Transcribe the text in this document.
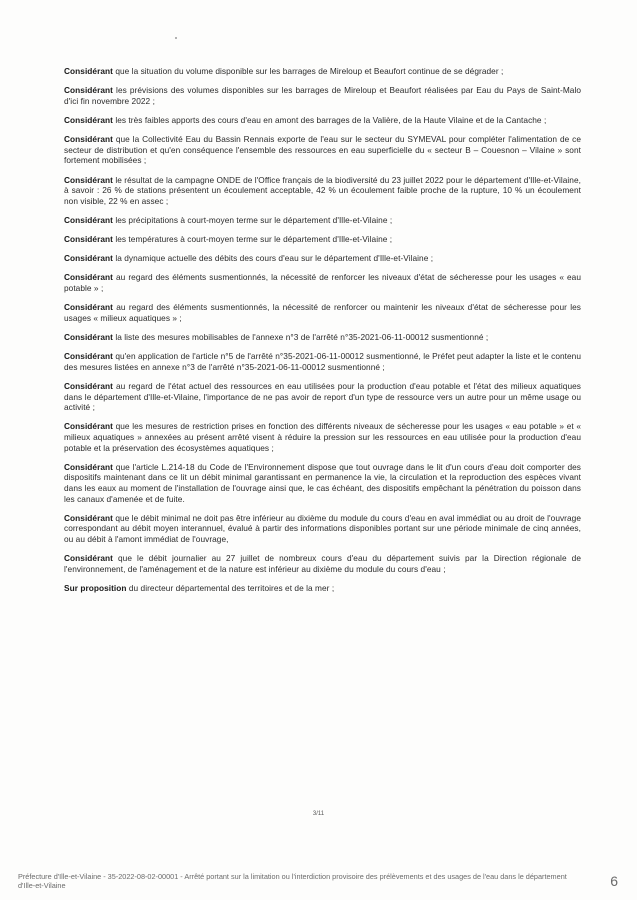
Considérant que la situation du volume disponible sur les barrages de Mireloup et Beaufort continue de se dégrader ;

Considérant les prévisions des volumes disponibles sur les barrages de Mireloup et Beaufort réalisées par Eau du Pays de Saint-Malo d'ici fin novembre 2022 ;

Considérant les très faibles apports des cours d'eau en amont des barrages de la Valière, de la Haute Vilaine et de la Cantache ;

Considérant que la Collectivité Eau du Bassin Rennais exporte de l'eau sur le secteur du SYMEVAL pour compléter l'alimentation de ce secteur de distribution et qu'en conséquence l'ensemble des ressources en eau superficielle du « secteur B – Couesnon – Vilaine » sont fortement mobilisées ;

Considérant le résultat de la campagne ONDE de l'Office français de la biodiversité du 23 juillet 2022 pour le département d'Ille-et-Vilaine, à savoir : 26 % de stations présentent un écoulement acceptable, 42 % un écoulement faible proche de la rupture, 10 % un écoulement non visible, 22 % en assec ;

Considérant les précipitations à court-moyen terme sur le département d'Ille-et-Vilaine ;

Considérant les températures à court-moyen terme sur le département d'Ille-et-Vilaine ;

Considérant la dynamique actuelle des débits des cours d'eau sur le département d'Ille-et-Vilaine ;

Considérant au regard des éléments susmentionnés, la nécessité de renforcer les niveaux d'état de sécheresse pour les usages « eau potable » ;

Considérant au regard des éléments susmentionnés, la nécessité de renforcer ou maintenir les niveaux d'état de sécheresse pour les usages « milieux aquatiques » ;

Considérant la liste des mesures mobilisables de l'annexe n°3 de l'arrêté n°35-2021-06-11-00012 susmentionné ;

Considérant qu'en application de l'article n°5 de l'arrêté n°35-2021-06-11-00012 susmentionné, le Préfet peut adapter la liste et le contenu des mesures listées en annexe n°3 de l'arrêté n°35-2021-06-11-00012 susmentionné ;

Considérant au regard de l'état actuel des ressources en eau utilisées pour la production d'eau potable et l'état des milieux aquatiques dans le département d'Ille-et-Vilaine, l'importance de ne pas avoir de report d'un type de ressource vers un autre pour un même usage ou activité ;

Considérant que les mesures de restriction prises en fonction des différents niveaux de sécheresse pour les usages « eau potable » et « milieux aquatiques » annexées au présent arrêté visent à réduire la pression sur les ressources en eau utilisée pour la production d'eau potable et la préservation des écosystèmes aquatiques ;

Considérant que l'article L.214-18 du Code de l'Environnement dispose que tout ouvrage dans le lit d'un cours d'eau doit comporter des dispositifs maintenant dans ce lit un débit minimal garantissant en permanence la vie, la circulation et la reproduction des espèces vivant dans les eaux au moment de l'installation de l'ouvrage ainsi que, le cas échéant, des dispositifs empêchant la pénétration du poisson dans les canaux d'amenée et de fuite.

Considérant que le débit minimal ne doit pas être inférieur au dixième du module du cours d'eau en aval immédiat ou au droit de l'ouvrage correspondant au débit moyen interannuel, évalué à partir des informations disponibles portant sur une période minimale de cinq années, ou au débit à l'amont immédiat de l'ouvrage,

Considérant que le débit journalier au 27 juillet de nombreux cours d'eau du département suivis par la Direction régionale de l'environnement, de l'aménagement et de la nature est inférieur au dixième du module du cours d'eau ;

Sur proposition du directeur départemental des territoires et de la mer ;

3/11
Préfecture d'Ille-et-Vilaine - 35-2022-08-02-00001 - Arrêté portant sur la limitation ou l'interdiction provisoire des prélèvements et des usages de l'eau dans le département d'Ille-et-Vilaine	6
